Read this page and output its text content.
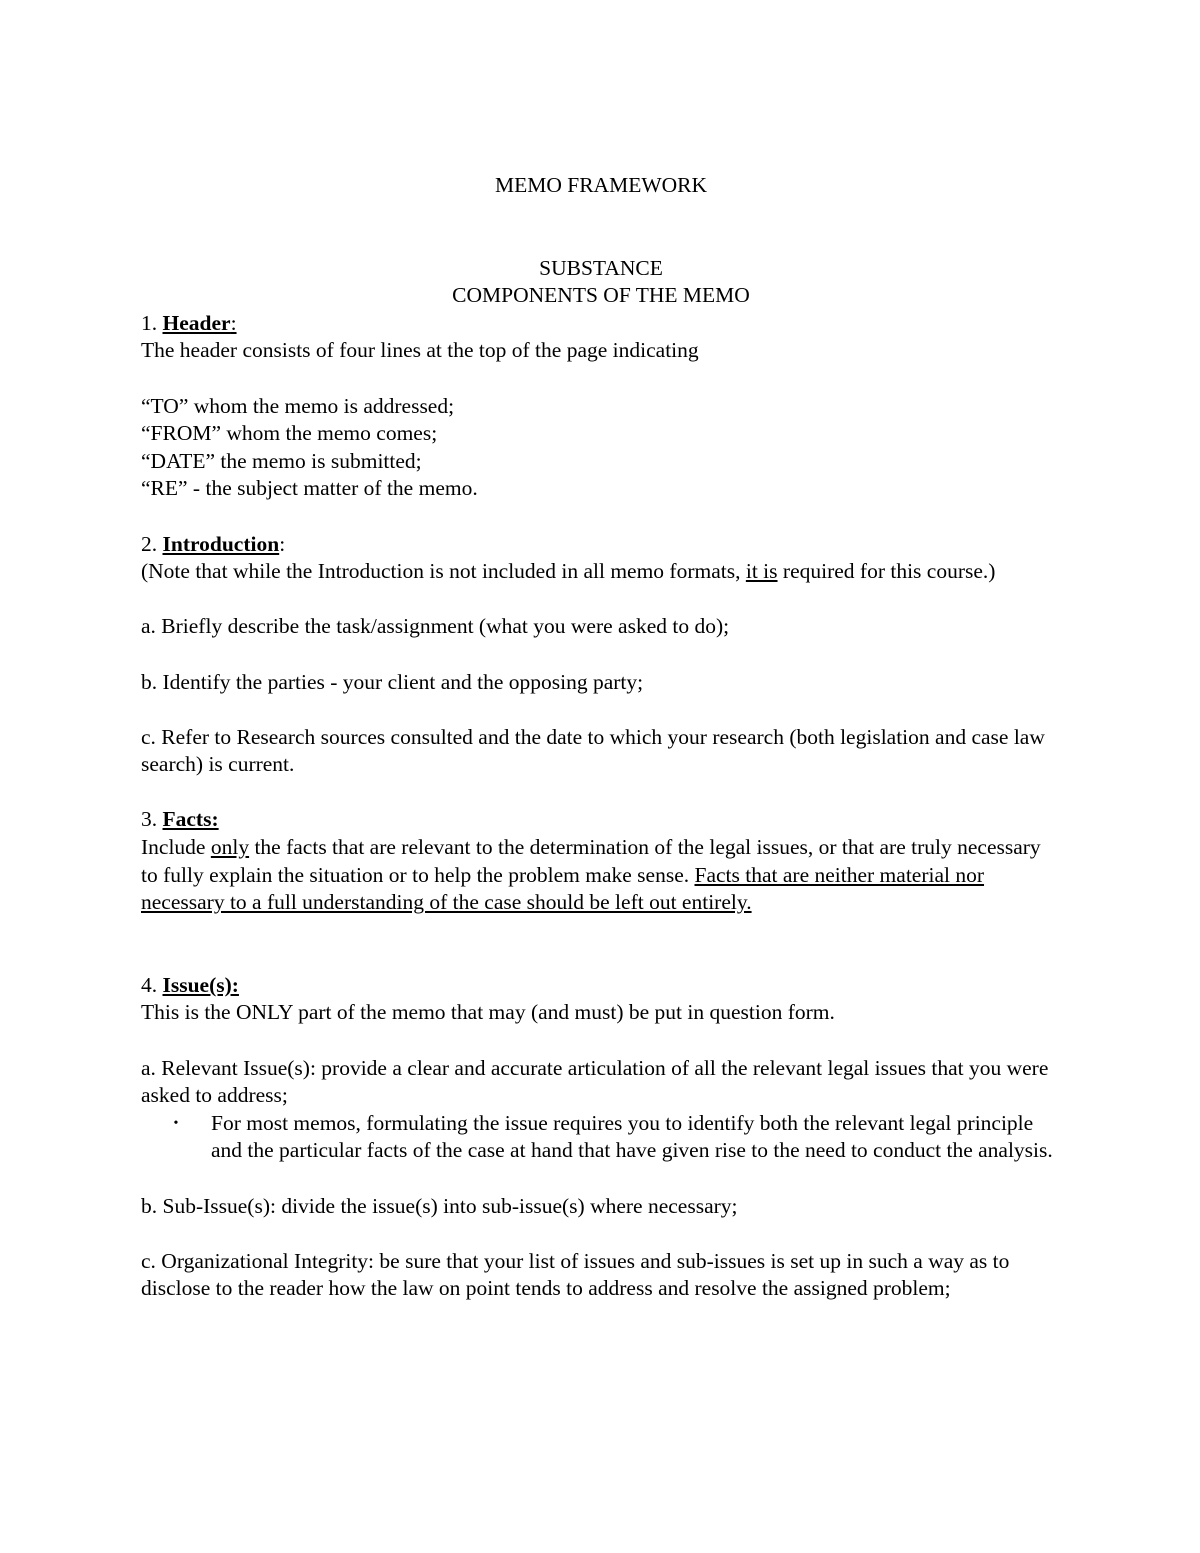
MEMO FRAMEWORK

SUBSTANCE

COMPONENTS OF THE MEMO

1. Header:

The header consists of four lines at the top of the page indicating

“TO” whom the memo is addressed;

“FROM” whom the memo comes;

“DATE” the memo is submitted;

“RE” - the subject matter of the memo.

2. Introduction:

(Note that while the Introduction is not included in all memo formats, it is required for this course.)

a. Briefly describe the task/assignment (what you were asked to do);

b. Identify the parties - your client and the opposing party;

c. Refer to Research sources consulted and the date to which your research (both legislation and case law search) is current.

3. Facts:

Include only the facts that are relevant to the determination of the legal issues, or that are truly necessary to fully explain the situation or to help the problem make sense. Facts that are neither material nor necessary to a full understanding of the case should be left out entirely.

4. Issue(s):

This is the ONLY part of the memo that may (and must) be put in question form.

a. Relevant Issue(s): provide a clear and accurate articulation of all the relevant legal issues that you were asked to address;

•	For most memos, formulating the issue requires you to identify both the relevant legal principle and the particular facts of the case at hand that have given rise to the need to conduct the analysis.

b. Sub-Issue(s): divide the issue(s) into sub-issue(s) where necessary;

c. Organizational Integrity: be sure that your list of issues and sub-issues is set up in such a way as to disclose to the reader how the law on point tends to address and resolve the assigned problem;
